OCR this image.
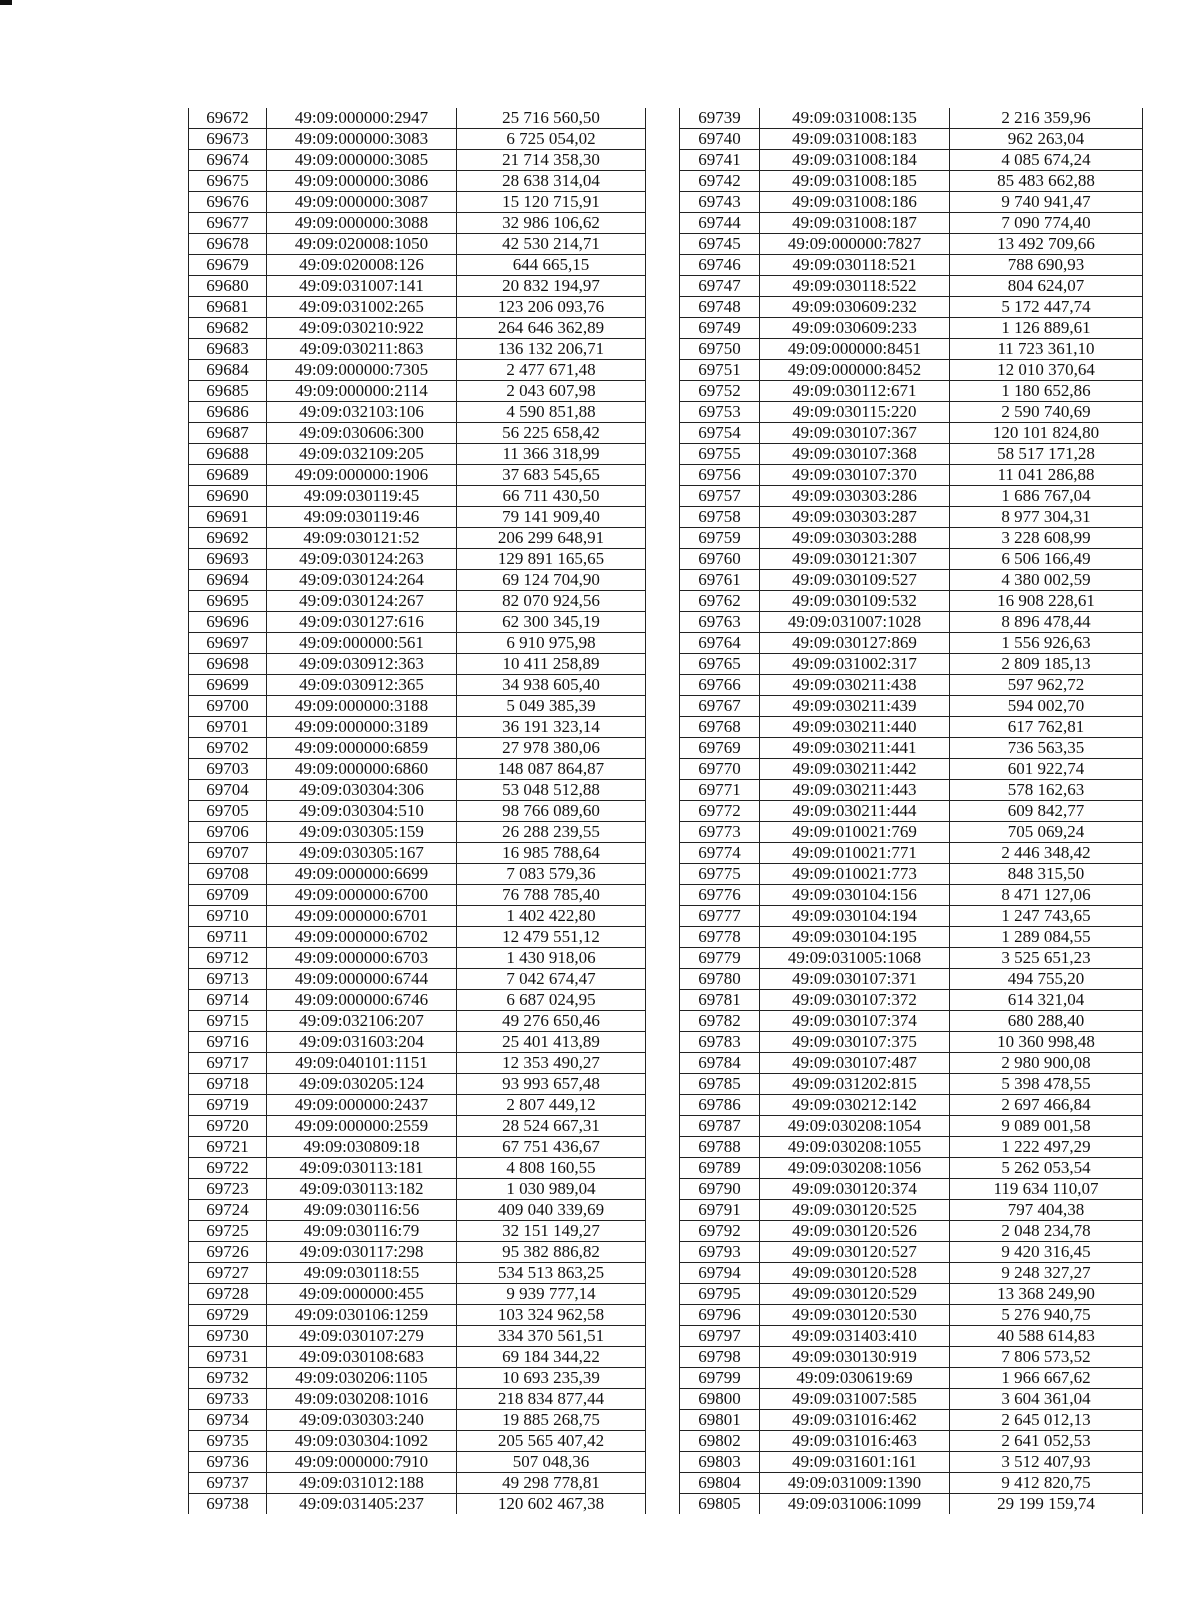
69672	49:09:000000:2947	25 716 560,50
69673	49:09:000000:3083	6 725 054,02
69674	49:09:000000:3085	21 714 358,30
69675	49:09:000000:3086	28 638 314,04
69676	49:09:000000:3087	15 120 715,91
69677	49:09:000000:3088	32 986 106,62
69678	49:09:020008:1050	42 530 214,71
69679	49:09:020008:126	644 665,15
69680	49:09:031007:141	20 832 194,97
69681	49:09:031002:265	123 206 093,76
69682	49:09:030210:922	264 646 362,89
69683	49:09:030211:863	136 132 206,71
69684	49:09:000000:7305	2 477 671,48
69685	49:09:000000:2114	2 043 607,98
69686	49:09:032103:106	4 590 851,88
69687	49:09:030606:300	56 225 658,42
69688	49:09:032109:205	11 366 318,99
69689	49:09:000000:1906	37 683 545,65
69690	49:09:030119:45	66 711 430,50
69691	49:09:030119:46	79 141 909,40
69692	49:09:030121:52	206 299 648,91
69693	49:09:030124:263	129 891 165,65
69694	49:09:030124:264	69 124 704,90
69695	49:09:030124:267	82 070 924,56
69696	49:09:030127:616	62 300 345,19
69697	49:09:000000:561	6 910 975,98
69698	49:09:030912:363	10 411 258,89
69699	49:09:030912:365	34 938 605,40
69700	49:09:000000:3188	5 049 385,39
69701	49:09:000000:3189	36 191 323,14
69702	49:09:000000:6859	27 978 380,06
69703	49:09:000000:6860	148 087 864,87
69704	49:09:030304:306	53 048 512,88
69705	49:09:030304:510	98 766 089,60
69706	49:09:030305:159	26 288 239,55
69707	49:09:030305:167	16 985 788,64
69708	49:09:000000:6699	7 083 579,36
69709	49:09:000000:6700	76 788 785,40
69710	49:09:000000:6701	1 402 422,80
69711	49:09:000000:6702	12 479 551,12
69712	49:09:000000:6703	1 430 918,06
69713	49:09:000000:6744	7 042 674,47
69714	49:09:000000:6746	6 687 024,95
69715	49:09:032106:207	49 276 650,46
69716	49:09:031603:204	25 401 413,89
69717	49:09:040101:1151	12 353 490,27
69718	49:09:030205:124	93 993 657,48
69719	49:09:000000:2437	2 807 449,12
69720	49:09:000000:2559	28 524 667,31
69721	49:09:030809:18	67 751 436,67
69722	49:09:030113:181	4 808 160,55
69723	49:09:030113:182	1 030 989,04
69724	49:09:030116:56	409 040 339,69
69725	49:09:030116:79	32 151 149,27
69726	49:09:030117:298	95 382 886,82
69727	49:09:030118:55	534 513 863,25
69728	49:09:000000:455	9 939 777,14
69729	49:09:030106:1259	103 324 962,58
69730	49:09:030107:279	334 370 561,51
69731	49:09:030108:683	69 184 344,22
69732	49:09:030206:1105	10 693 235,39
69733	49:09:030208:1016	218 834 877,44
69734	49:09:030303:240	19 885 268,75
69735	49:09:030304:1092	205 565 407,42
69736	49:09:000000:7910	507 048,36
69737	49:09:031012:188	49 298 778,81
69738	49:09:031405:237	120 602 467,38
69739	49:09:031008:135	2 216 359,96
69740	49:09:031008:183	962 263,04
69741	49:09:031008:184	4 085 674,24
69742	49:09:031008:185	85 483 662,88
69743	49:09:031008:186	9 740 941,47
69744	49:09:031008:187	7 090 774,40
69745	49:09:000000:7827	13 492 709,66
69746	49:09:030118:521	788 690,93
69747	49:09:030118:522	804 624,07
69748	49:09:030609:232	5 172 447,74
69749	49:09:030609:233	1 126 889,61
69750	49:09:000000:8451	11 723 361,10
69751	49:09:000000:8452	12 010 370,64
69752	49:09:030112:671	1 180 652,86
69753	49:09:030115:220	2 590 740,69
69754	49:09:030107:367	120 101 824,80
69755	49:09:030107:368	58 517 171,28
69756	49:09:030107:370	11 041 286,88
69757	49:09:030303:286	1 686 767,04
69758	49:09:030303:287	8 977 304,31
69759	49:09:030303:288	3 228 608,99
69760	49:09:030121:307	6 506 166,49
69761	49:09:030109:527	4 380 002,59
69762	49:09:030109:532	16 908 228,61
69763	49:09:031007:1028	8 896 478,44
69764	49:09:030127:869	1 556 926,63
69765	49:09:031002:317	2 809 185,13
69766	49:09:030211:438	597 962,72
69767	49:09:030211:439	594 002,70
69768	49:09:030211:440	617 762,81
69769	49:09:030211:441	736 563,35
69770	49:09:030211:442	601 922,74
69771	49:09:030211:443	578 162,63
69772	49:09:030211:444	609 842,77
69773	49:09:010021:769	705 069,24
69774	49:09:010021:771	2 446 348,42
69775	49:09:010021:773	848 315,50
69776	49:09:030104:156	8 471 127,06
69777	49:09:030104:194	1 247 743,65
69778	49:09:030104:195	1 289 084,55
69779	49:09:031005:1068	3 525 651,23
69780	49:09:030107:371	494 755,20
69781	49:09:030107:372	614 321,04
69782	49:09:030107:374	680 288,40
69783	49:09:030107:375	10 360 998,48
69784	49:09:030107:487	2 980 900,08
69785	49:09:031202:815	5 398 478,55
69786	49:09:030212:142	2 697 466,84
69787	49:09:030208:1054	9 089 001,58
69788	49:09:030208:1055	1 222 497,29
69789	49:09:030208:1056	5 262 053,54
69790	49:09:030120:374	119 634 110,07
69791	49:09:030120:525	797 404,38
69792	49:09:030120:526	2 048 234,78
69793	49:09:030120:527	9 420 316,45
69794	49:09:030120:528	9 248 327,27
69795	49:09:030120:529	13 368 249,90
69796	49:09:030120:530	5 276 940,75
69797	49:09:031403:410	40 588 614,83
69798	49:09:030130:919	7 806 573,52
69799	49:09:030619:69	1 966 667,62
69800	49:09:031007:585	3 604 361,04
69801	49:09:031016:462	2 645 012,13
69802	49:09:031016:463	2 641 052,53
69803	49:09:031601:161	3 512 407,93
69804	49:09:031009:1390	9 412 820,75
69805	49:09:031006:1099	29 199 159,74
